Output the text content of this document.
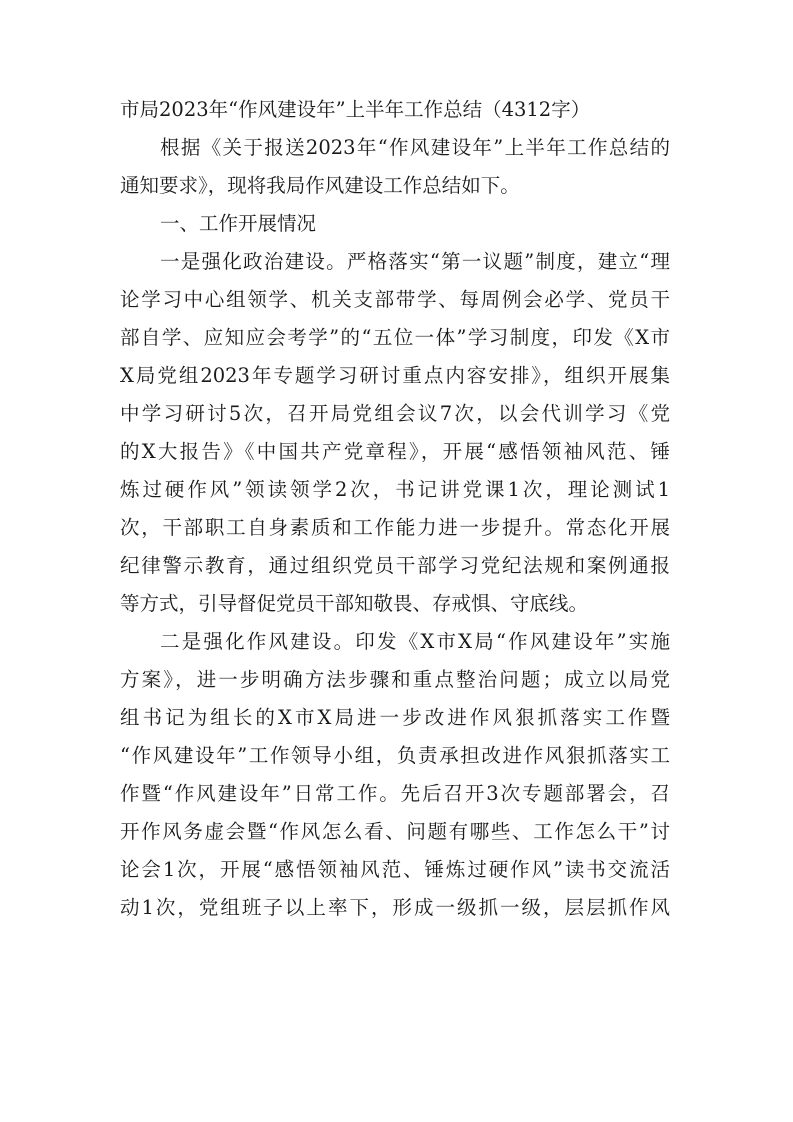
市局2023年“作风建设年”上半年工作总结（4312字）
根据《关于报送2023年“作风建设年”上半年工作总结的
通知要求》，现将我局作风建设工作总结如下。
一、工作开展情况
一是强化政治建设。严格落实“第一议题”制度，建立“理
论学习中心组领学、机关支部带学、每周例会必学、党员干
部自学、应知应会考学”的“五位一体”学习制度，印发《X市
X局党组2023年专题学习研讨重点内容安排》，组织开展集
中学习研讨5次，召开局党组会议7次，以会代训学习《党
的X大报告》《中国共产党章程》，开展“感悟领袖风范、锤
炼过硬作风”领读领学2次，书记讲党课1次，理论测试1
次，干部职工自身素质和工作能力进一步提升。常态化开展
纪律警示教育，通过组织党员干部学习党纪法规和案例通报
等方式，引导督促党员干部知敬畏、存戒惧、守底线。
二是强化作风建设。印发《X市X局“作风建设年”实施
方案》，进一步明确方法步骤和重点整治问题；成立以局党
组书记为组长的X市X局进一步改进作风狠抓落实工作暨
“作风建设年”工作领导小组，负责承担改进作风狠抓落实工
作暨“作风建设年”日常工作。先后召开3次专题部署会，召
开作风务虚会暨“作风怎么看、问题有哪些、工作怎么干”讨
论会1次，开展“感悟领袖风范、锤炼过硬作风”读书交流活
动1次，党组班子以上率下，形成一级抓一级，层层抓作风
